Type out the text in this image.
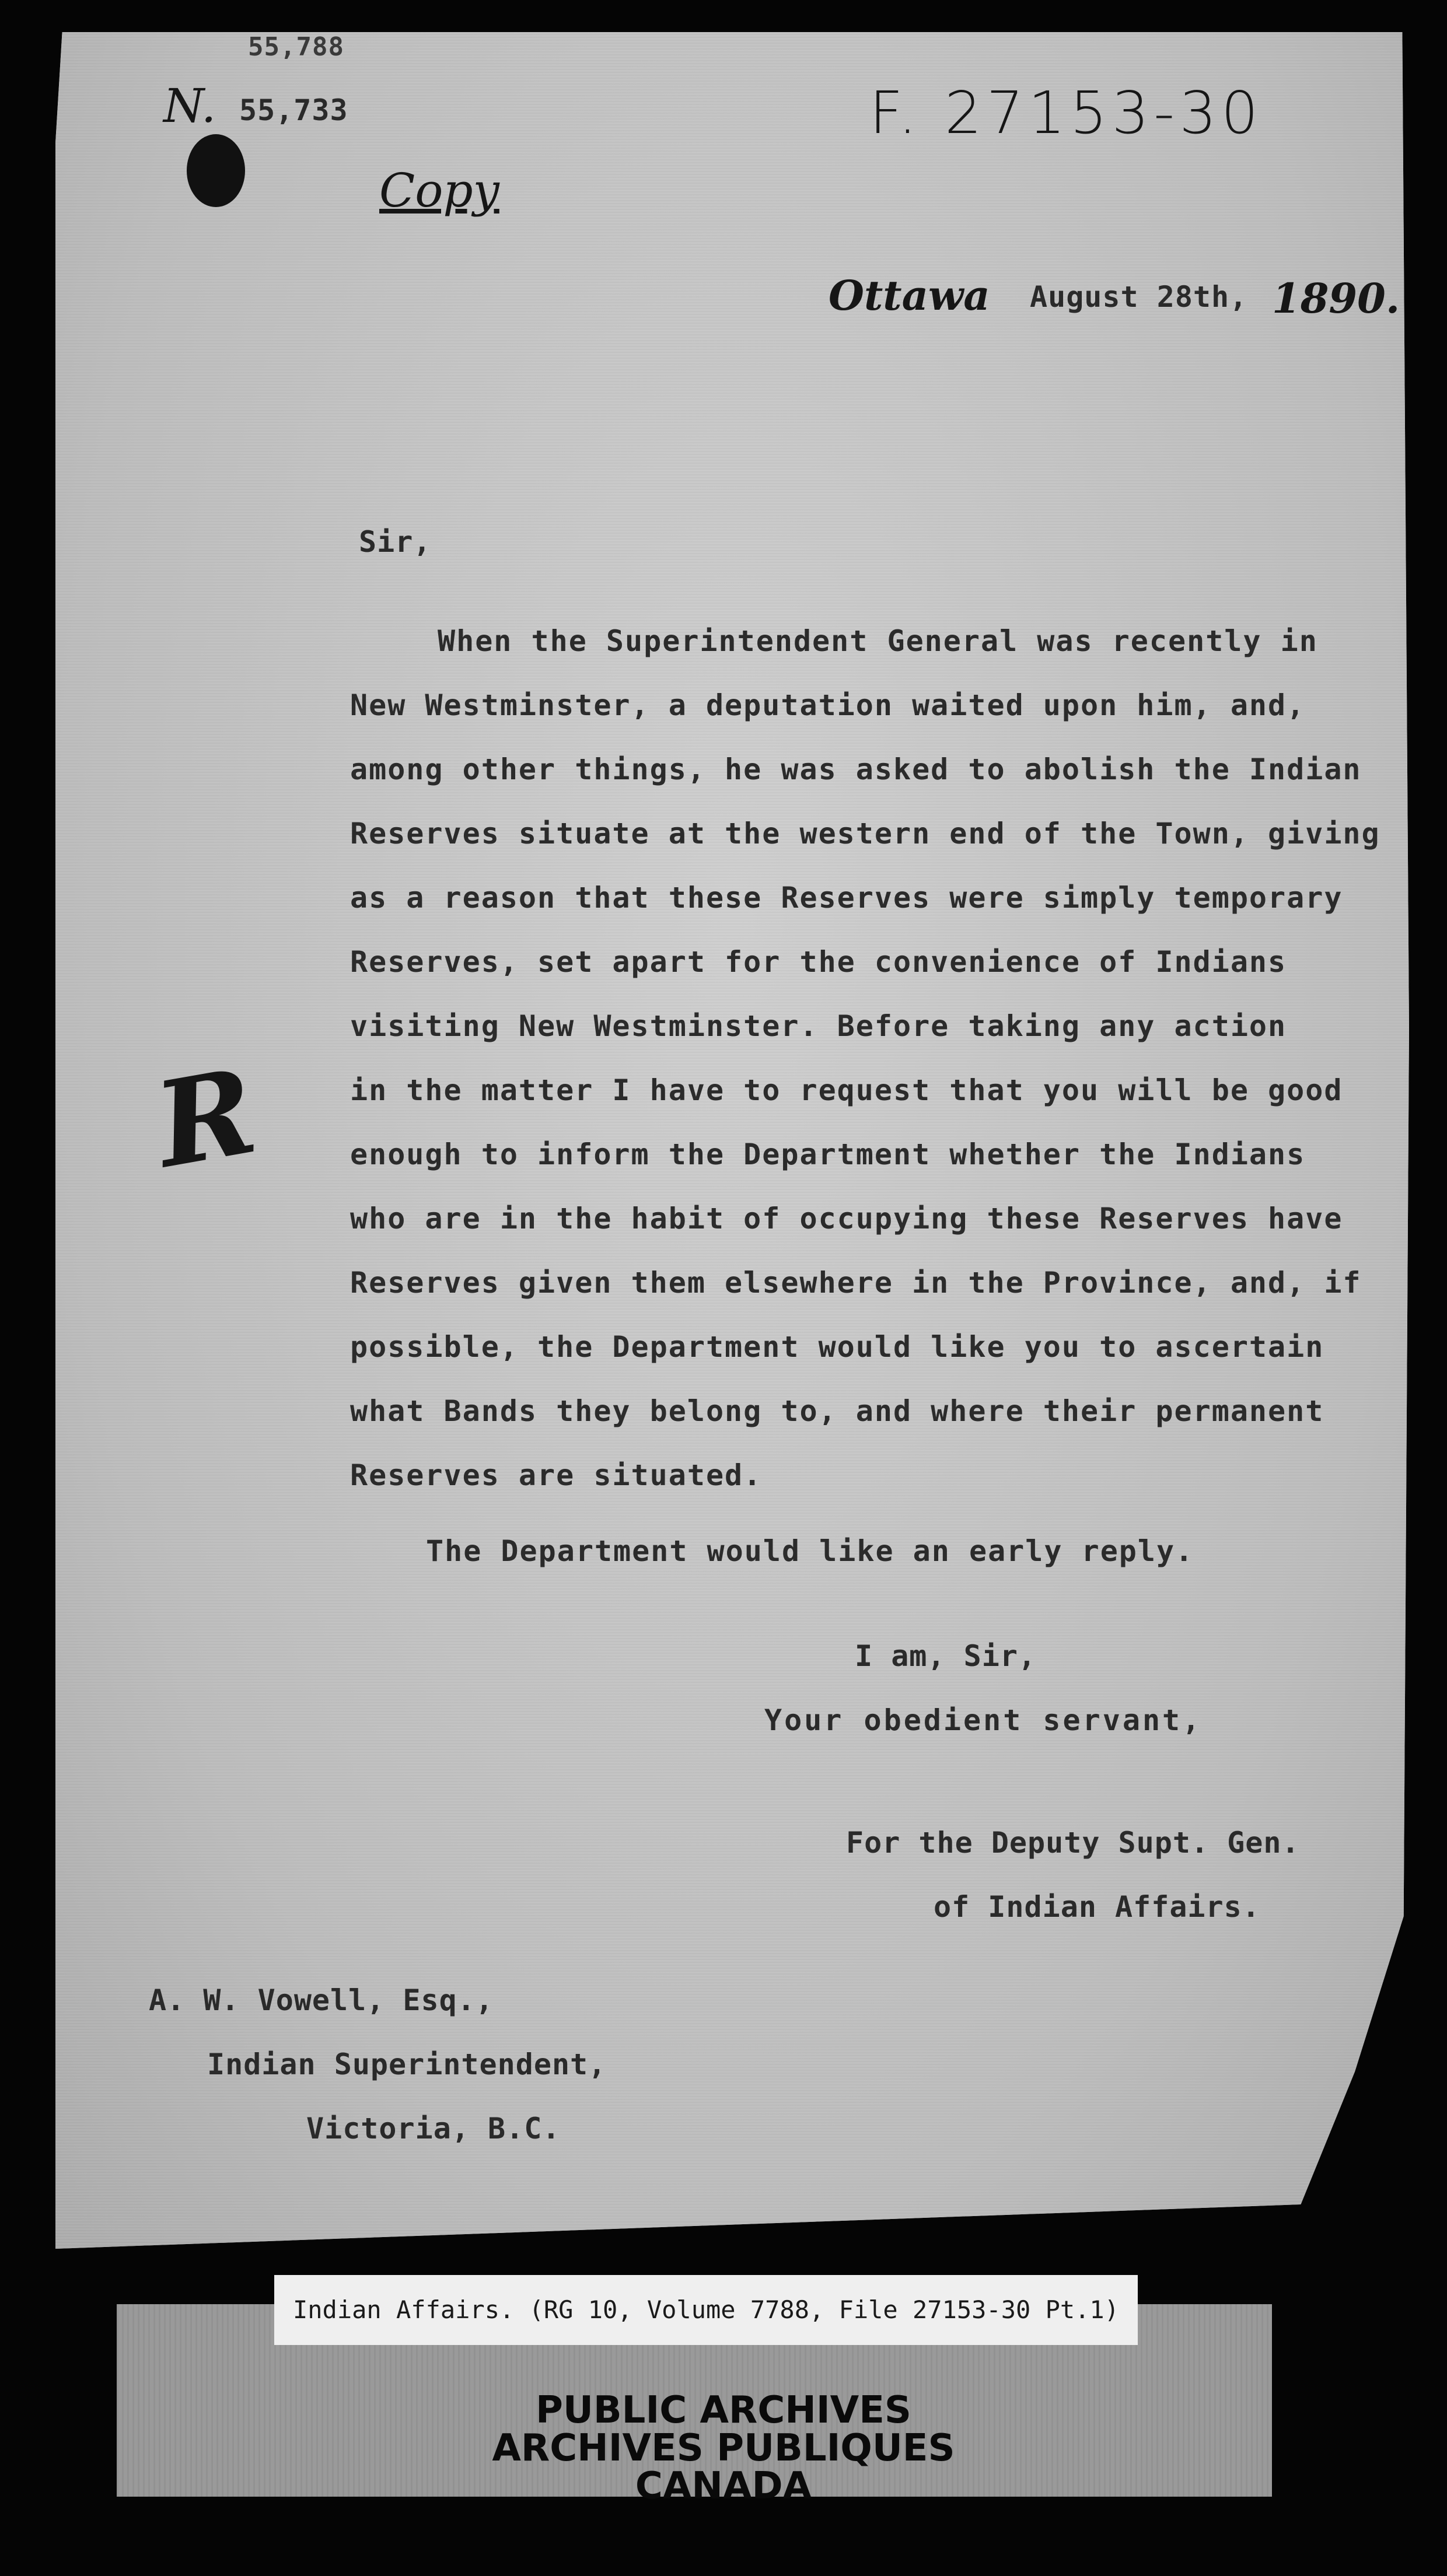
55,788
N. 55,733	F. 27153-30
Copy
Ottawa August 28th, 1890.
Sir,
When the Superintendent General was recently in
New Westminster, a deputation waited upon him, and,
among other things, he was asked to abolish the Indian
Reserves situate at the western end of the Town, giving
as a reason that these Reserves were simply temporary
Reserves, set apart for the convenience of Indians
visiting New Westminster. Before taking any action
in the matter I have to request that you will be good
enough to inform the Department whether the Indians
who are in the habit of occupying these Reserves have
Reserves given them elsewhere in the Province, and, if
possible, the Department would like you to ascertain
what Bands they belong to, and where their permanent
Reserves are situated.
The Department would like an early reply.
R
I am, Sir,
Your obedient servant,
For the Deputy Supt. Gen.
of Indian Affairs.
A. W. Vowell, Esq.,
Indian Superintendent,
Victoria, B.C.
Indian Affairs. (RG 10, Volume 7788, File 27153-30 Pt.1)
PUBLIC ARCHIVES
ARCHIVES PUBLIQUES
CANADA
